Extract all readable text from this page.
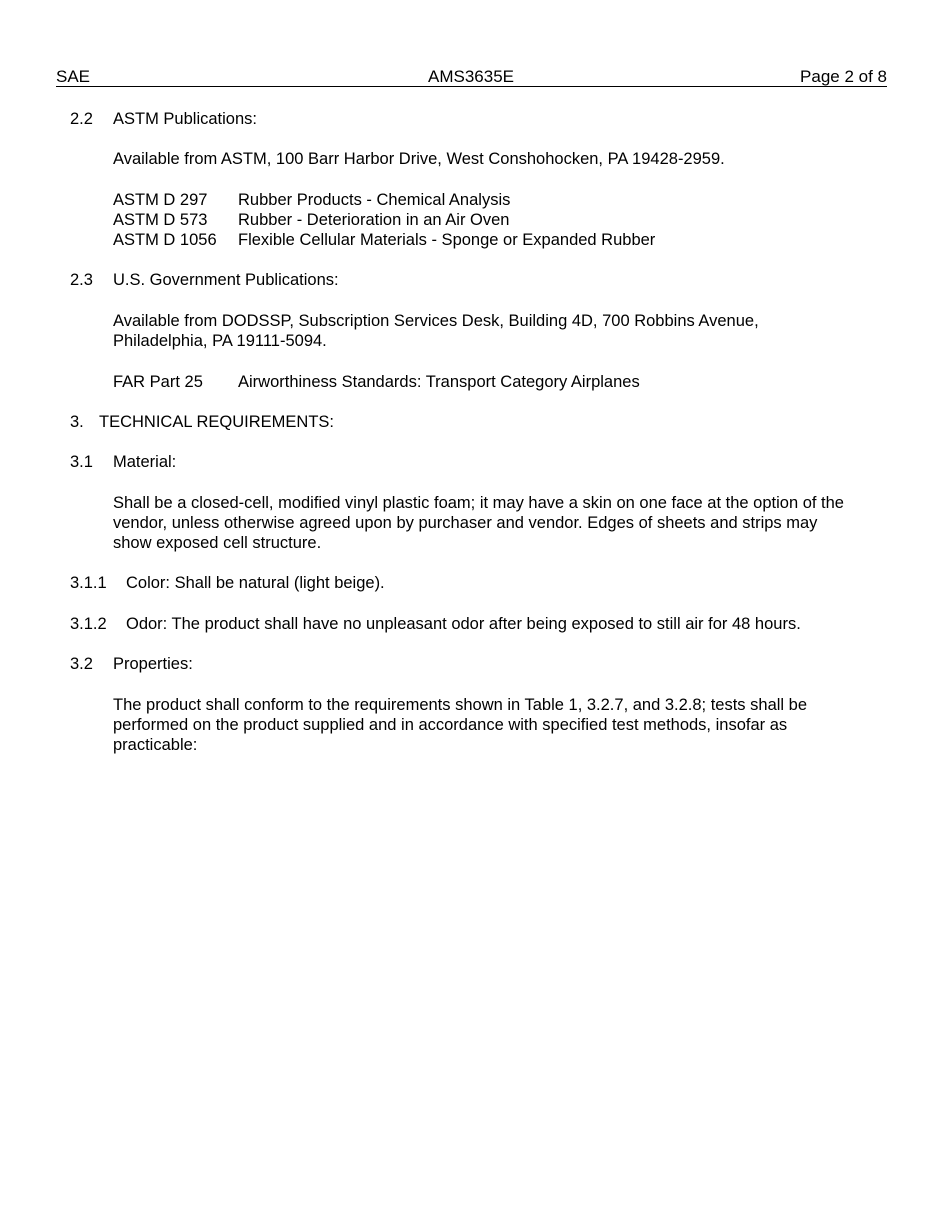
SAE	AMS3635E	Page 2 of 8
2.2 ASTM Publications:
Available from ASTM, 100 Barr Harbor Drive, West Conshohocken, PA 19428-2959.
ASTM D 297 Rubber Products - Chemical Analysis
ASTM D 573 Rubber - Deterioration in an Air Oven
ASTM D 1056 Flexible Cellular Materials - Sponge or Expanded Rubber
2.3 U.S. Government Publications:
Available from DODSSP, Subscription Services Desk, Building 4D, 700 Robbins Avenue,
Philadelphia, PA 19111-5094.
FAR Part 25 Airworthiness Standards: Transport Category Airplanes
3. TECHNICAL REQUIREMENTS:
3.1 Material:
Shall be a closed-cell, modified vinyl plastic foam; it may have a skin on one face at the option of the
vendor, unless otherwise agreed upon by purchaser and vendor. Edges of sheets and strips may
show exposed cell structure.
3.1.1 Color: Shall be natural (light beige).
3.1.2 Odor: The product shall have no unpleasant odor after being exposed to still air for 48 hours.
3.2 Properties:
The product shall conform to the requirements shown in Table 1, 3.2.7, and 3.2.8; tests shall be
performed on the product supplied and in accordance with specified test methods, insofar as
practicable:
